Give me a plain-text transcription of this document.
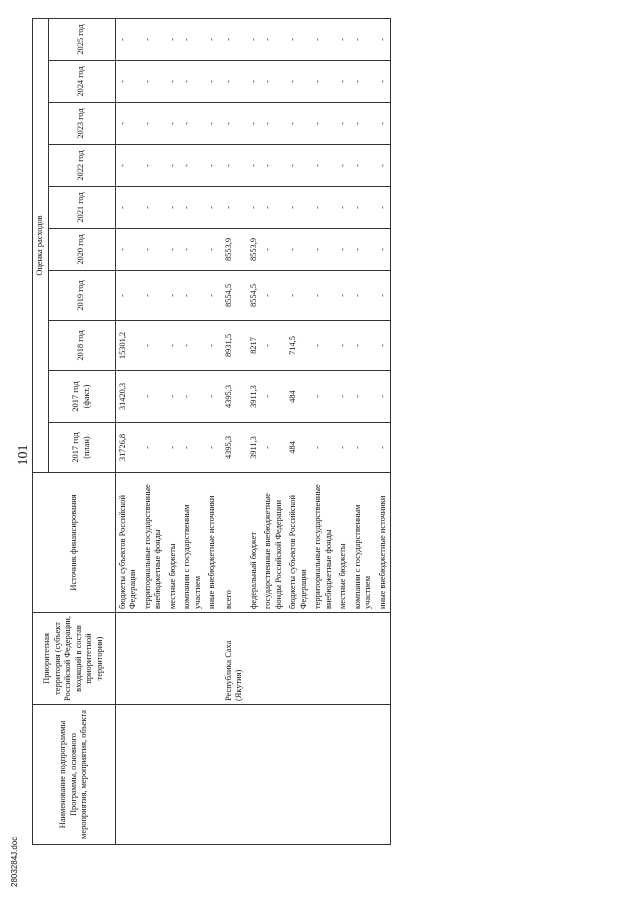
2803284J.doc
101
Наименование подпрограммы Программы, основного мероприятия, мероприятия, объекта	Приоритетная территория (субъект Российской Федерации, входящий в состав приоритетной территории)	Источник финансирования	Оценка расходов									
			2017 год (план)	2017 год (факт.)	2018 год	2019 год	2020 год	2021 год	2022 год	2023 год	2024 год	2025 год
		бюджеты субъектов Российской Федерации	31726,8	31420,3	15301,2	-	-	-	-	-	-	-
		территориальные государственные внебюджетные фонды	-	-	-	-	-	-	-	-	-	-
		местные бюджеты	-	-	-	-	-	-	-	-	-	-
		компании с государственным участием	-	-	-	-	-	-	-	-	-	-
		иные внебюджетные источники	-	-	-	-	-	-	-	-	-	-
	Республика Саха (Якутия)	всего	4395,3	4395,3	8931,5	8554,5	8553,9	-	-	-	-	-
		федеральный бюджет	3911,3	3911,3	8217	8554,5	8553,9	-	-	-	-	-
		государственные внебюджетные фонды Российской Федерации	-	-	-	-	-	-	-	-	-	-
		бюджеты субъектов Российской Федерации	484	484	714,5	-	-	-	-	-	-	-
		территориальные государственные внебюджетные фонды	-	-	-	-	-	-	-	-	-	-
		местные бюджеты	-	-	-	-	-	-	-	-	-	-
		компании с государственным участием	-	-	-	-	-	-	-	-	-	-
		иные внебюджетные источники	-	-	-	-	-	-	-	-	-	-
